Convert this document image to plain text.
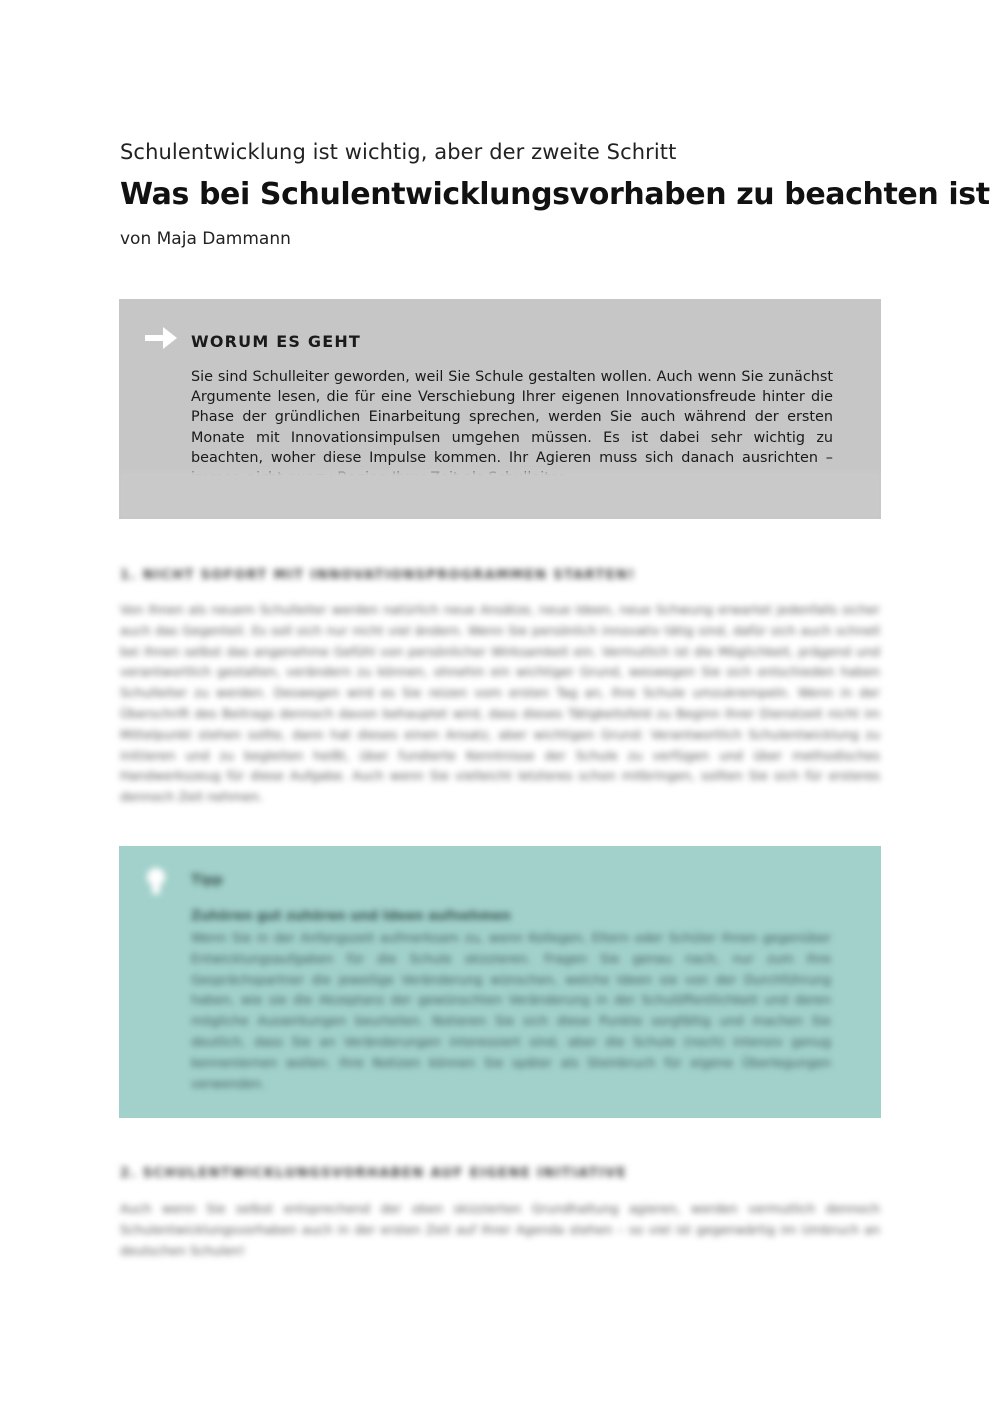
Schulentwicklung ist wichtig, aber der zweite Schritt
Was bei Schulentwicklungsvorhaben zu beachten ist
von Maja Dammann
WORUM ES GEHT
Sie sind Schulleiter geworden, weil Sie Schule gestalten wollen. Auch wenn Sie zunächst Argumente lesen, die für eine Verschiebung Ihrer eigenen Innovationsfreude hinter die Phase der gründlichen Einarbeitung sprechen, werden Sie auch während der ersten Monate mit Innovationsimpulsen umgehen müssen. Es ist dabei sehr wichtig zu beachten, woher diese Impulse kommen. Ihr Agieren muss sich danach ausrichten –
1. NICHT SOFORT MIT INNOVATIONSPROGRAMMEN STARTEN!
Von Ihnen als neuem Schulleiter werden natürlich neue Ansätze, neue Ideen, neue Schwung erwartet jedenfalls sicher auch das Gegenteil. Es soll sich nur nicht viel ändern. Wenn Sie persönlich innovativ tätig sind, dafür sich auch schnell bei Ihnen selbst das angenehme Gefühl von persönlicher Wirksamkeit ein. Vermutlich ist die Möglichkeit, prägend und verantwortlich gestalten, verändern zu können, ohnehin ein wichtiger Grund, weswegen Sie sich entschieden haben Schulleiter zu werden. Deswegen wird es Sie reizen vom ersten Tag an, Ihre Schule umzukrempeln. Wenn in der Überschrift des Beitrags dennoch davon behauptet wird, dass dieses Tätigkeitsfeld zu Beginn Ihrer Dienstzeit nicht im Mittelpunkt stehen sollte, dann hat dieses einen Ansatz, aber wichtigen Grund: Verantwortlich Schulentwicklung zu initiieren und zu begleiten heißt, über fundierte Kenntnisse der Schule zu verfügen und über methodisches Handwerkszeug für diese Aufgabe. Auch wenn Sie vielleicht letzteres schon mitbringen, sollten Sie sich für ersteres dennoch Zeit nehmen.
Tipp
Zuhören gut zuhören und Ideen aufnehmen
Wenn Sie in der Anfangszeit aufmerksam zu, wenn Kollegen, Eltern oder Schüler Ihnen gegenüber Entwicklungsaufgaben für die Schule skizzieren. Fragen Sie genau nach, nur zum Ihre Gesprächspartner die jeweilige Veränderung wünschen, welche Ideen sie von der Durchführung haben, wie sie die Akzeptanz der gewünschten Veränderung in der Schulöffentlichkeit und deren mögliche Auswirkungen beurteilen. Notieren Sie sich diese Punkte sorgfältig und machen Sie deutlich, dass Sie an Veränderungen interessiert sind, aber die Schule (noch) intensiv genug kennenlernen wollen. Ihre Notizen können Sie später als Steinbruch für eigene Überlegungen verwenden.
2. SCHULENTWICKLUNGSVORHABEN AUF EIGENE INITIATIVE
Auch wenn Sie selbst entsprechend der oben skizzierten Grundhaltung agieren, werden vermutlich dennoch Schulentwicklungsvorhaben auch in der ersten Zeit auf Ihrer Agenda stehen – so viel ist gegenwärtig im Umbruch an deutschen Schulen!
